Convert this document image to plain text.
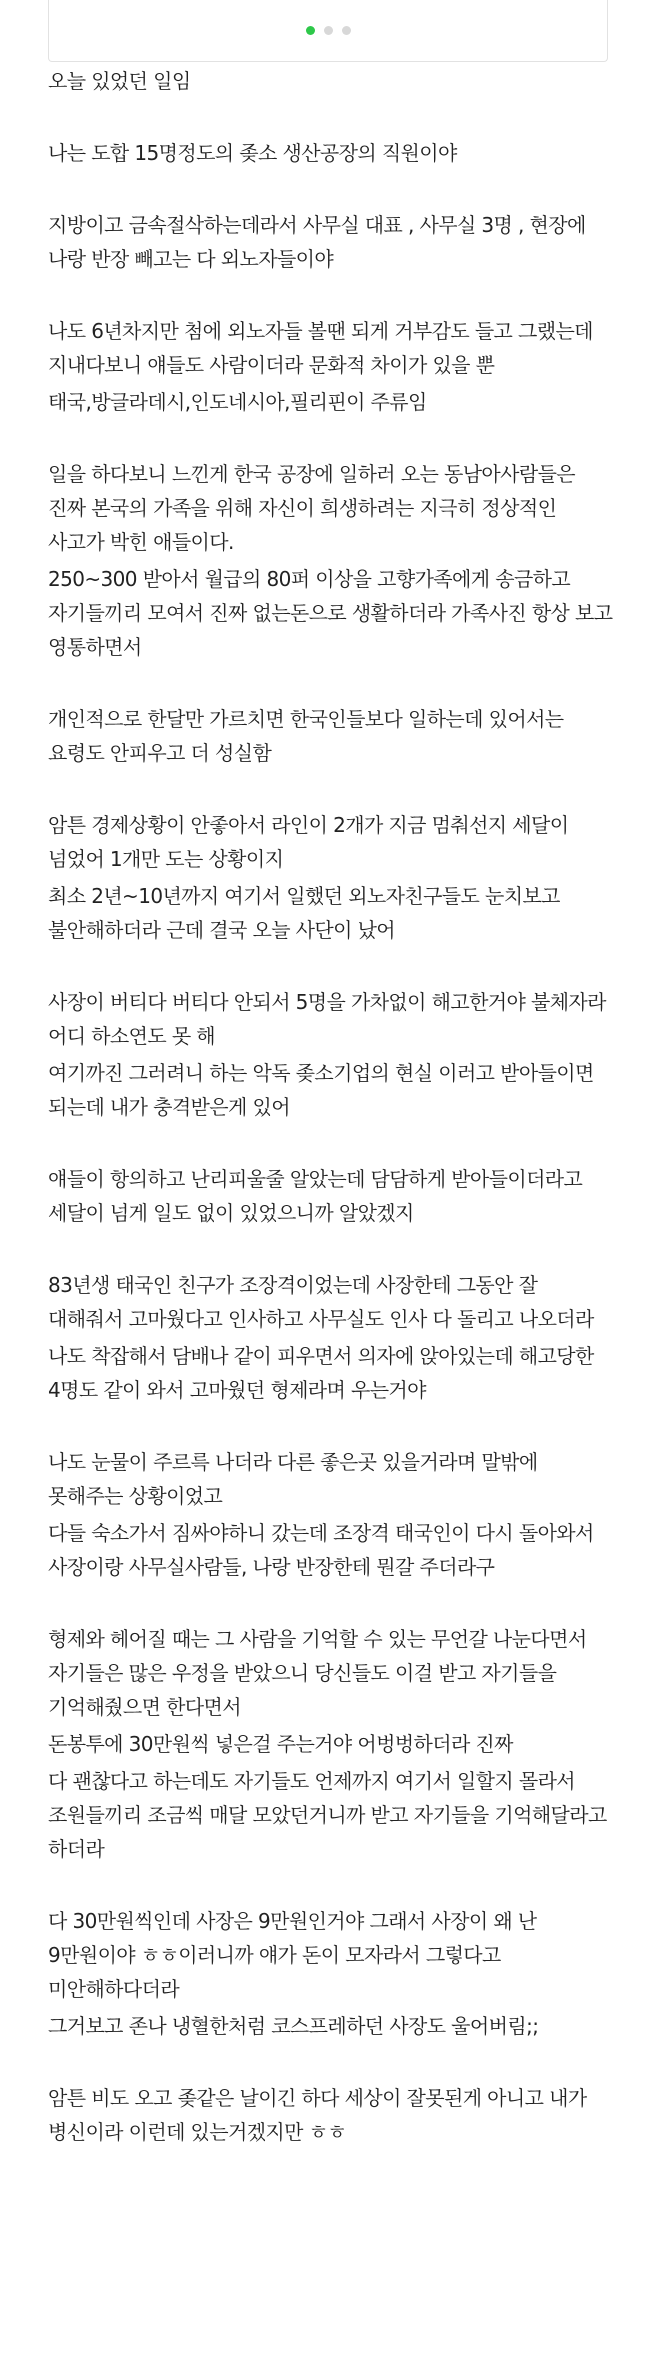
오늘 있었던 일임

나는 도합 15명정도의 좆소 생산공장의 직원이야

지방이고 금속절삭하는데라서 사무실 대표 , 사무실 3명 , 현장에 나랑 반장 빼고는 다 외노자들이야

나도 6년차지만 첨에 외노자들 볼땐 되게 거부감도 들고 그랬는데 지내다보니 얘들도 사람이더라 문화적 차이가 있을 뿐

태국,방글라데시,인도네시아,필리핀이 주류임

일을 하다보니 느낀게 한국 공장에 일하러 오는 동남아사람들은 진짜 본국의 가족을 위해 자신이 희생하려는 지극히 정상적인 사고가 박힌 애들이다.

250~300 받아서 월급의 80퍼 이상을 고향가족에게 송금하고 자기들끼리 모여서 진짜 없는돈으로 생활하더라 가족사진 항상 보고 영통하면서

개인적으로 한달만 가르치면 한국인들보다 일하는데 있어서는 요령도 안피우고 더 성실함

암튼 경제상황이 안좋아서 라인이 2개가 지금 멈춰선지 세달이 넘었어 1개만 도는 상황이지

최소 2년~10년까지 여기서 일했던 외노자친구들도 눈치보고 불안해하더라 근데 결국 오늘 사단이 났어

사장이 버티다 버티다 안되서 5명을 가차없이 해고한거야 불체자라 어디 하소연도 못 해

여기까진 그러려니 하는 악독 좆소기업의 현실 이러고 받아들이면 되는데 내가 충격받은게 있어

얘들이 항의하고 난리피울줄 알았는데 담담하게 받아들이더라고 세달이 넘게 일도 없이 있었으니까 알았겠지

83년생 태국인 친구가 조장격이었는데 사장한테 그동안 잘 대해줘서 고마웠다고 인사하고 사무실도 인사 다 돌리고 나오더라

나도 착잡해서 담배나 같이 피우면서 의자에 앉아있는데 해고당한 4명도 같이 와서 고마웠던 형제라며 우는거야

나도 눈물이 주르륵 나더라 다른 좋은곳 있을거라며 말밖에 못해주는 상황이었고

다들 숙소가서 짐싸야하니 갔는데 조장격 태국인이 다시 돌아와서 사장이랑 사무실사람들, 나랑 반장한테 뭔갈 주더라구

형제와 헤어질 때는 그 사람을 기억할 수 있는 무언갈 나눈다면서 자기들은 많은 우정을 받았으니 당신들도 이걸 받고 자기들을 기억해줬으면 한다면서

돈봉투에 30만원씩 넣은걸 주는거야 어벙벙하더라 진짜

다 괜찮다고 하는데도 자기들도 언제까지 여기서 일할지 몰라서 조원들끼리 조금씩 매달 모았던거니까 받고 자기들을 기억해달라고 하더라

다 30만원씩인데 사장은 9만원인거야 그래서 사장이 왜 난 9만원이야 ㅎㅎ이러니까 얘가 돈이 모자라서 그렇다고 미안해하다더라

그거보고 존나 냉혈한처럼 코스프레하던 사장도 울어버림;;

암튼 비도 오고 좆같은 날이긴 하다 세상이 잘못된게 아니고 내가 병신이라 이런데 있는거겠지만 ㅎㅎ
